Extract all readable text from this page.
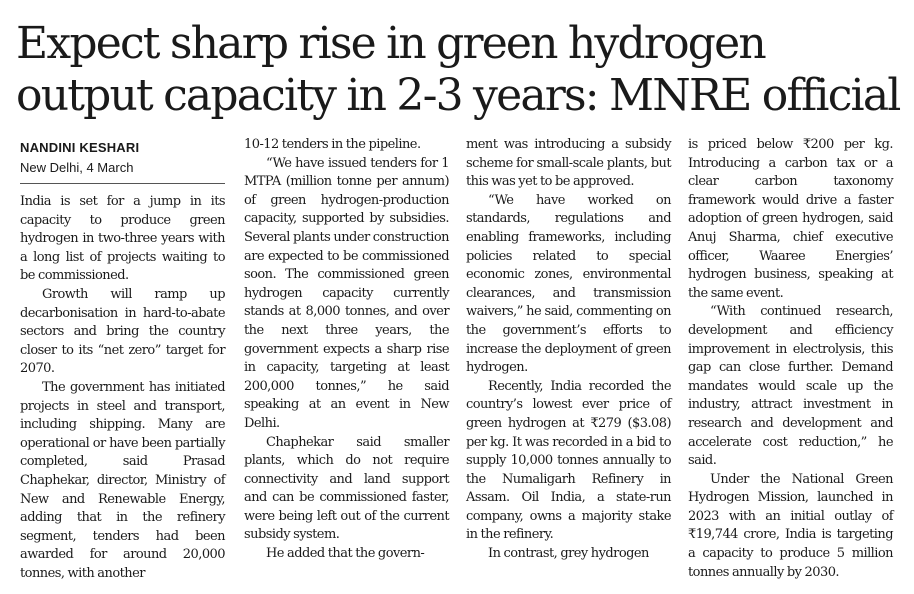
Expect sharp rise in green hydrogen output capacity in 2-3 years: MNRE official
NANDINI KESHARI
New Delhi, 4 March

India is set for a jump in its capacity to produce green hydrogen in two-three years with a long list of projects waiting to be commissioned.

Growth will ramp up decarbonisation in hard-to-abate sectors and bring the country closer to its “net zero” target for 2070.

The government has initiated projects in steel and transport, including shipping. Many are operational or have been partially completed, said Prasad Chaphekar, director, Ministry of New and Renewable Energy, adding that in the refinery segment, tenders had been awarded for around 20,000 tonnes, with another

10-12 tenders in the pipeline.

“We have issued tenders for 1 MTPA (million tonne per annum) of green hydrogen-production capacity, supported by subsidies. Several plants under construction are expected to be commissioned soon. The commissioned green hydrogen capacity currently stands at 8,000 tonnes, and over the next three years, the government expects a sharp rise in capacity, targeting at least 200,000 tonnes,” he said speaking at an event in New Delhi.

Chaphekar said smaller plants, which do not require connectivity and land support and can be commissioned faster, were being left out of the current subsidy system.

He added that the govern-

ment was introducing a subsidy scheme for small-scale plants, but this was yet to be approved.

“We have worked on standards, regulations and enabling frameworks, including policies related to special economic zones, environmental clearances, and transmission waivers,” he said, commenting on the government’s efforts to increase the deployment of green hydrogen.

Recently, India recorded the country’s lowest ever price of green hydrogen at ₹279 ($3.08) per kg. It was recorded in a bid to supply 10,000 tonnes annually to the Numaligarh Refinery in Assam. Oil India, a state-run company, owns a majority stake in the refinery.

In contrast, grey hydrogen

is priced below ₹200 per kg. Introducing a carbon tax or a clear carbon taxonomy framework would drive a faster adoption of green hydrogen, said Anuj Sharma, chief executive officer, Waaree Energies’ hydrogen business, speaking at the same event.

“With continued research, development and efficiency improvement in electrolysis, this gap can close further. Demand mandates would scale up the industry, attract investment in research and development and accelerate cost reduction,” he said.

Under the National Green Hydrogen Mission, launched in 2023 with an initial outlay of ₹19,744 crore, India is targeting a capacity to produce 5 million tonnes annually by 2030.
